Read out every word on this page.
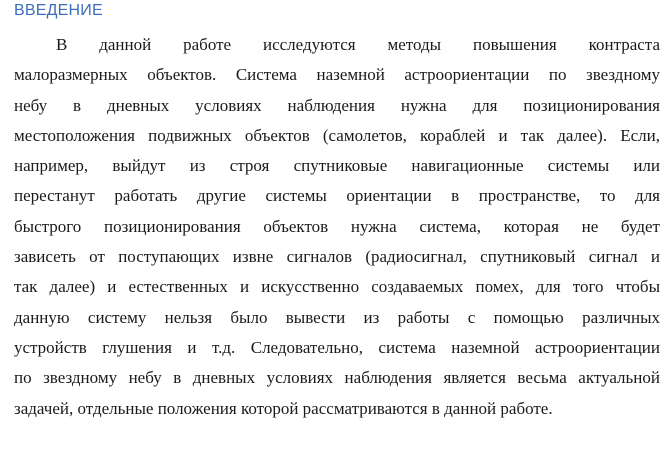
ВВЕДЕНИЕ
В данной работе исследуются методы повышения контраста
малоразмерных объектов. Система наземной астроориентации по звездному
небу в дневных условиях наблюдения нужна для позиционирования
местоположения подвижных объектов (самолетов, кораблей и так далее). Если,
например, выйдут из строя спутниковые навигационные системы или
перестанут работать другие системы ориентации в пространстве, то для
быстрого позиционирования объектов нужна система, которая не будет
зависеть от поступающих извне сигналов (радиосигнал, спутниковый сигнал и
так далее) и естественных и искусственно создаваемых помех, для того чтобы
данную систему нельзя было вывести из работы с помощью различных
устройств глушения и т.д. Следовательно, система наземной астроориентации
по звездному небу в дневных условиях наблюдения является весьма актуальной
задачей, отдельные положения которой рассматриваются в данной работе.
